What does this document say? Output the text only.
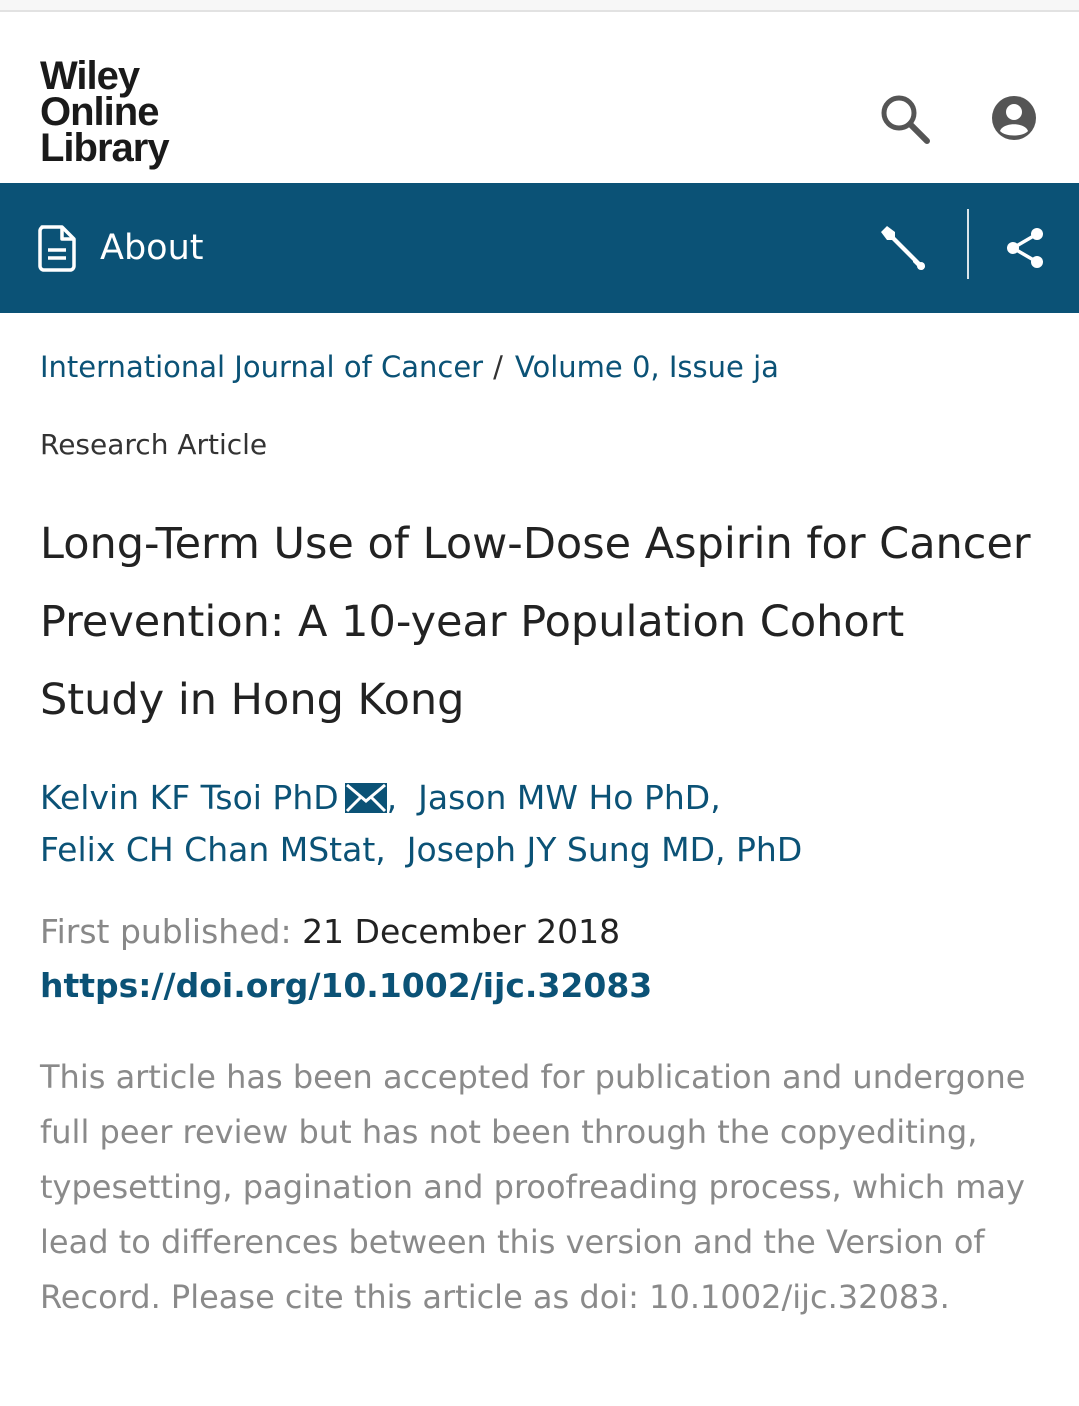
Wiley
Online
Library
About
International Journal of Cancer / Volume 0, Issue ja
Research Article
Long-Term Use of Low-Dose Aspirin for Cancer Prevention: A 10-year Population Cohort Study in Hong Kong
Kelvin KF Tsoi PhD ,  Jason MW Ho PhD,
Felix CH Chan MStat,  Joseph JY Sung MD, PhD
First published: 21 December 2018
https://doi.org/10.1002/ijc.32083

This article has been accepted for publication and undergone full peer review but has not been through the copyediting, typesetting, pagination and proofreading process, which may lead to differences between this version and the Version of Record. Please cite this article as doi: 10.1002/ijc.32083.
